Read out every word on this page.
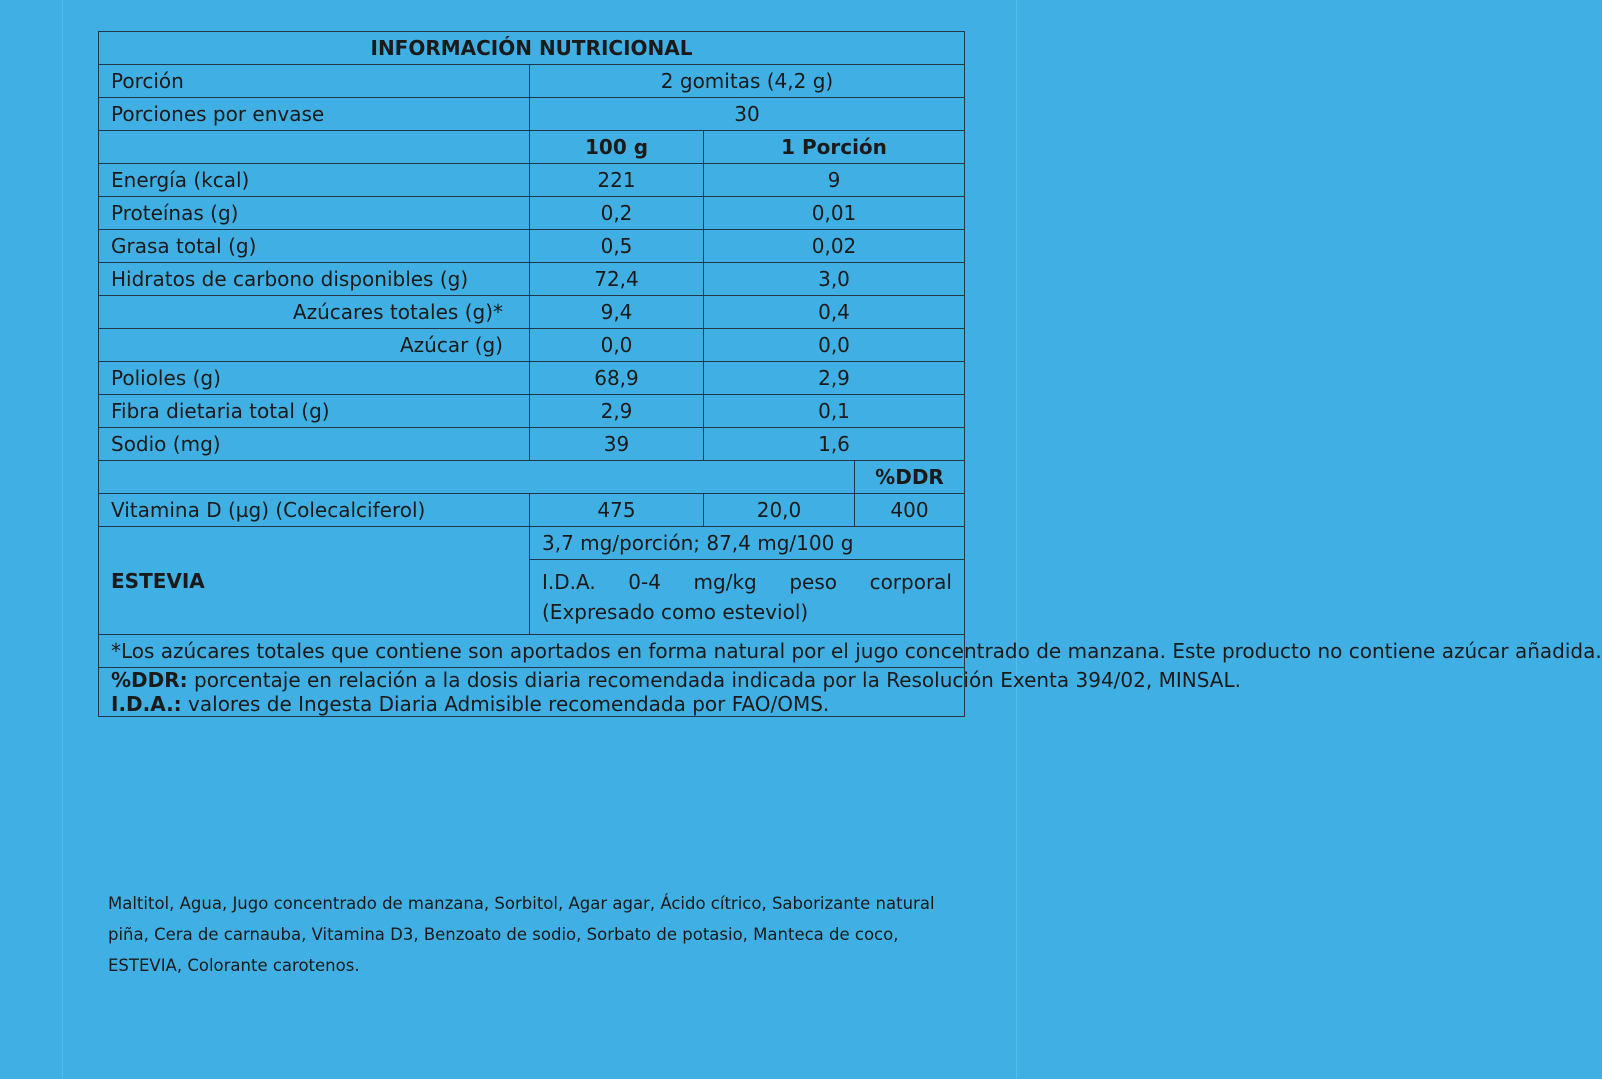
INFORMACIÓN NUTRICIONAL			
Porción	2 gomitas (4,2 g)		
Porciones por envase	30		
	100 g	1 Porción	
Energía (kcal)	221	9	
Proteínas (g)	0,2	0,01	
Grasa total (g)	0,5	0,02	
Hidratos de carbono disponibles (g)	72,4	3,0	
Azúcares totales (g)*	9,4	0,4	
Azúcar (g)	0,0	0,0	
Polioles (g)	68,9	2,9	
Fibra dietaria total (g)	2,9	0,1	
Sodio (mg)	39	1,6	
			%DDR
Vitamina D (µg) (Colecalciferol)	475	20,0	400
ESTEVIA	3,7 mg/porción; 87,4 mg/100 g		

	I.D.A. 0-4 mg/kg peso corporal
(Expresado como esteviol)		

*Los azúcares totales que contiene son aportados en forma natural por el jugo concentrado de manzana. Este producto no contiene azúcar añadida.			

%DDR: porcentaje en relación a la dosis diaria recomendada indicada por la Resolución Exenta 394/02, MINSAL.
I.D.A.: valores de Ingesta Diaria Admisible recomendada por FAO/OMS.			
Maltitol, Agua, Jugo concentrado de manzana, Sorbitol, Agar agar, Ácido cítrico, Saborizante natural piña, Cera de carnauba, Vitamina D3, Benzoato de sodio, Sorbato de potasio, Manteca de coco, ESTEVIA, Colorante carotenos.
